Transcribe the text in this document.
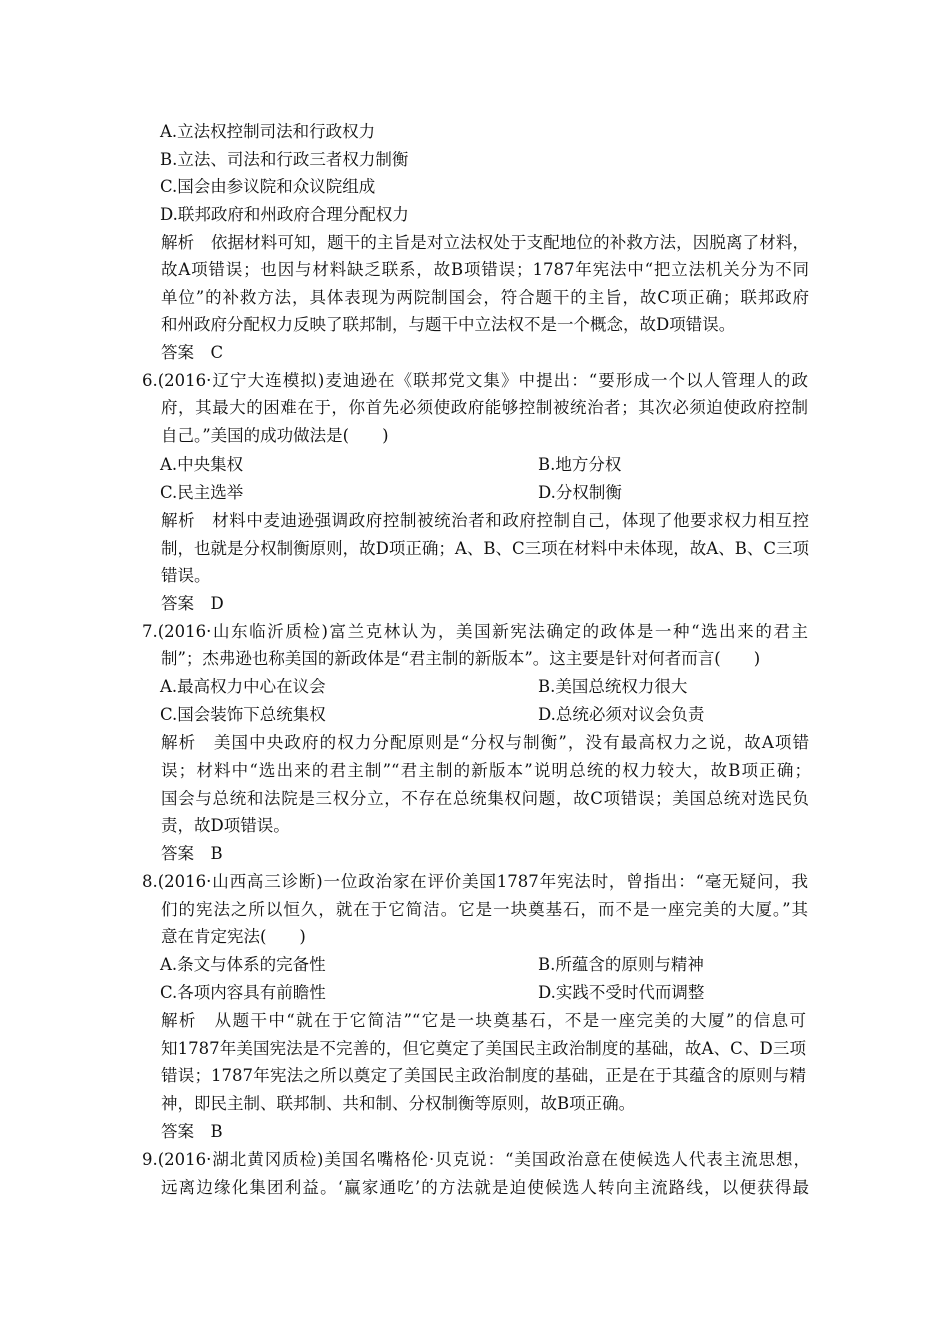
A.立法权控制司法和行政权力
B.立法、司法和行政三者权力制衡
C.国会由参议院和众议院组成
D.联邦政府和州政府合理分配权力
解析　依据材料可知，题干的主旨是对立法权处于支配地位的补救方法，因脱离了材料，
故A项错误；也因与材料缺乏联系，故B项错误；1787年宪法中“把立法机关分为不同
单位”的补救方法，具体表现为两院制国会，符合题干的主旨，故C项正确；联邦政府
和州政府分配权力反映了联邦制，与题干中立法权不是一个概念，故D项错误。
答案　C
6.(2016·辽宁大连模拟)麦迪逊在《联邦党文集》中提出：“要形成一个以人管理人的政
府，其最大的困难在于，你首先必须使政府能够控制被统治者；其次必须迫使政府控制
自己。”美国的成功做法是(　　)
A.中央集权	B.地方分权
C.民主选举	D.分权制衡
解析　材料中麦迪逊强调政府控制被统治者和政府控制自己，体现了他要求权力相互控
制，也就是分权制衡原则，故D项正确；A、B、C三项在材料中未体现，故A、B、C三项
错误。
答案　D
7.(2016·山东临沂质检)富兰克林认为，美国新宪法确定的政体是一种“选出来的君主
制”；杰弗逊也称美国的新政体是“君主制的新版本”。这主要是针对何者而言(　　)
A.最高权力中心在议会	B.美国总统权力很大
C.国会装饰下总统集权	D.总统必须对议会负责
解析　美国中央政府的权力分配原则是“分权与制衡”，没有最高权力之说，故A项错
误；材料中“选出来的君主制”“君主制的新版本”说明总统的权力较大，故B项正确；
国会与总统和法院是三权分立，不存在总统集权问题，故C项错误；美国总统对选民负
责，故D项错误。
答案　B
8.(2016·山西高三诊断)一位政治家在评价美国1787年宪法时，曾指出：“毫无疑问，我
们的宪法之所以恒久，就在于它简洁。它是一块奠基石，而不是一座完美的大厦。”其
意在肯定宪法(　　)
A.条文与体系的完备性	B.所蕴含的原则与精神
C.各项内容具有前瞻性	D.实践不受时代而调整
解析　从题干中“就在于它简洁”“它是一块奠基石，不是一座完美的大厦”的信息可
知1787年美国宪法是不完善的，但它奠定了美国民主政治制度的基础，故A、C、D三项
错误；1787年宪法之所以奠定了美国民主政治制度的基础，正是在于其蕴含的原则与精
神，即民主制、联邦制、共和制、分权制衡等原则，故B项正确。
答案　B
9.(2016·湖北黄冈质检)美国名嘴格伦·贝克说：“美国政治意在使候选人代表主流思想，
远离边缘化集团利益。‘赢家通吃’的方法就是迫使候选人转向主流路线，以便获得最
